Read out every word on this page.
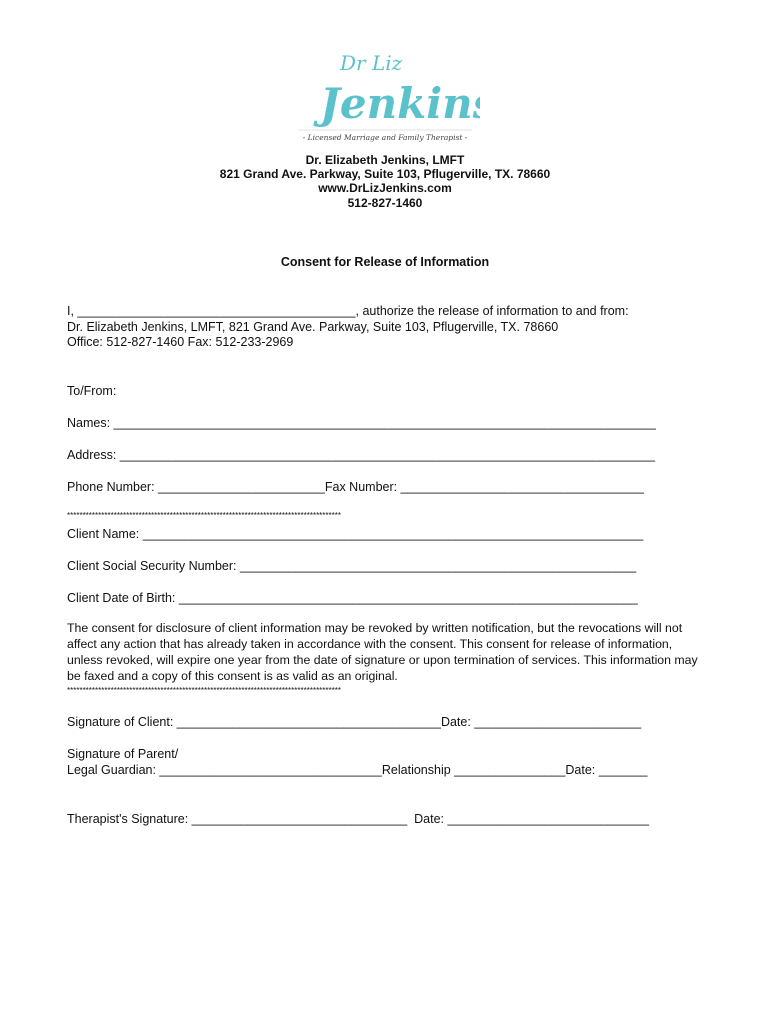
Dr Liz
Jenkins
- Licensed Marriage and Family Therapist -
Dr. Elizabeth Jenkins, LMFT
821 Grand Ave. Parkway, Suite 103, Pflugerville, TX. 78660
www.DrLizJenkins.com
512-827-1460
Consent for Release of Information
I, ________________________________________, authorize the release of information to and from:
Dr. Elizabeth Jenkins, LMFT, 821 Grand Ave. Parkway, Suite 103, Pflugerville, TX. 78660
Office: 512-827-1460 Fax: 512-233-2969
To/From:
Names: ______________________________________________________________________________
Address: _____________________________________________________________________________
Phone Number: ________________________Fax Number: ___________________________________
****************************************************************************************
Client Name: ________________________________________________________________________
Client Social Security Number: _________________________________________________________
Client Date of Birth: __________________________________________________________________
The consent for disclosure of client information may be revoked by written notification, but the revocations will not affect any action that has already taken in accordance with the consent. This consent for release of information, unless revoked, will expire one year from the date of signature or upon termination of services. This information may be faxed and a copy of this consent is as valid as an original.
****************************************************************************************
Signature of Client: ______________________________________Date: ________________________
Signature of Parent/
Legal Guardian: ________________________________Relationship ________________Date: _______
Therapist's Signature: _______________________________  Date: _____________________________
